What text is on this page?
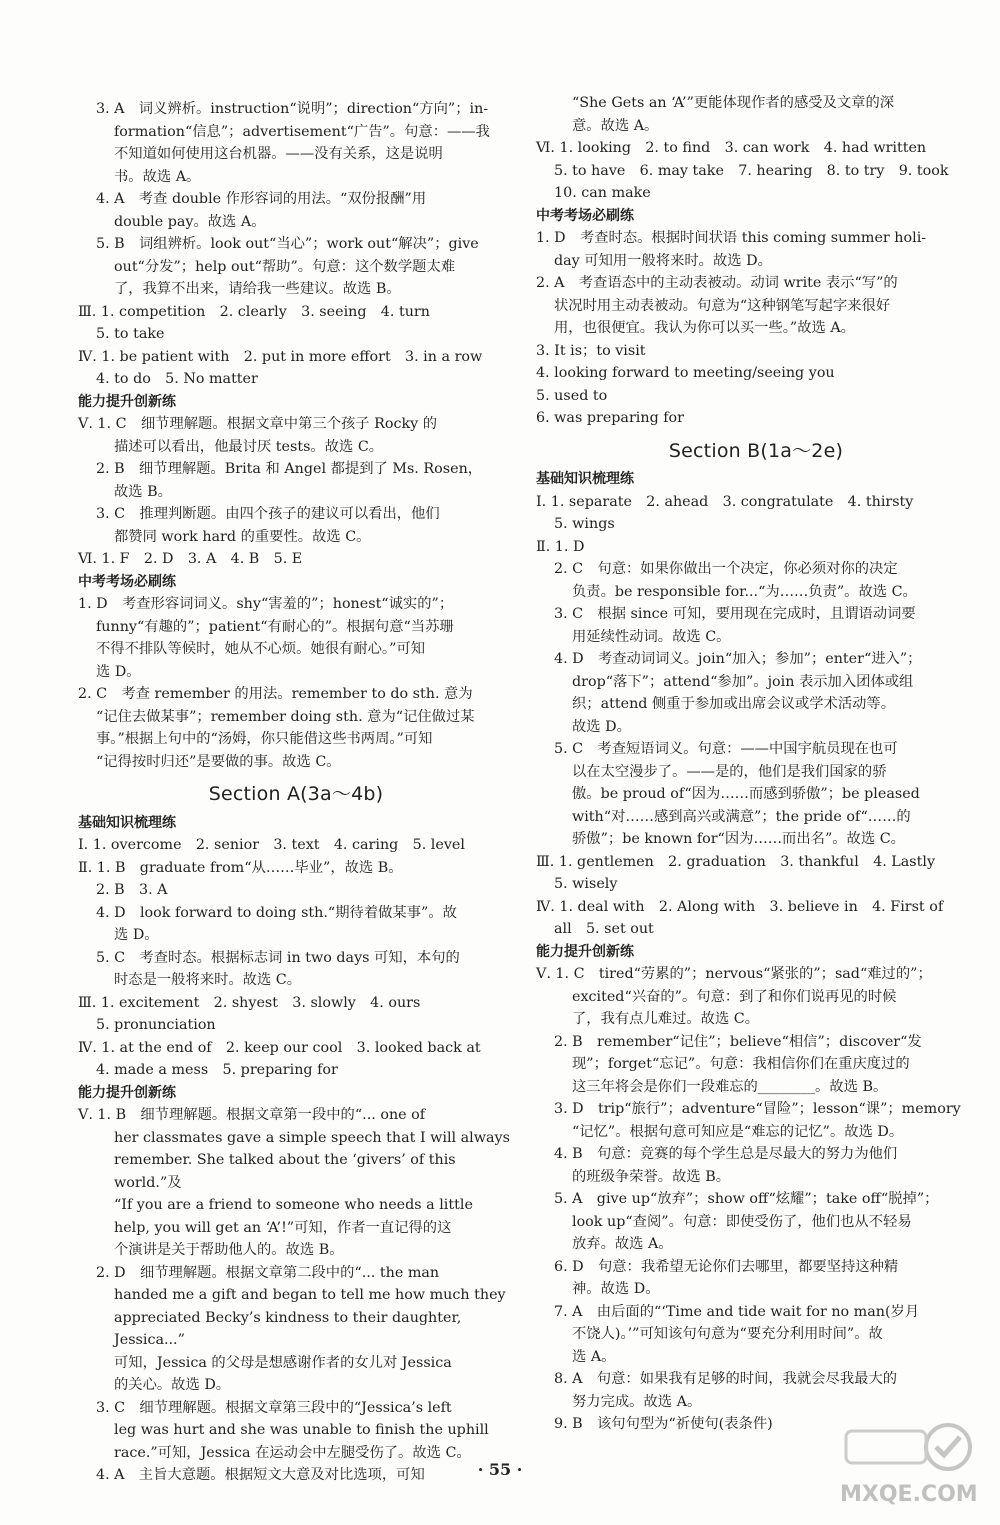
3. A　词义辨析。instruction“说明”；direction“方向”；in-
formation“信息”；advertisement“广告”。句意：——我
不知道如何使用这台机器。——没有关系，这是说明
书。故选 A。
4. A　考查 double 作形容词的用法。“双份报酬”用
double pay。故选 A。
5. B　词组辨析。look out“当心”；work out“解决”；give
out“分发”；help out“帮助”。句意：这个数学题太难
了，我算不出来，请给我一些建议。故选 B。
Ⅲ. 1. competition　2. clearly　3. seeing　4. turn
5. to take
Ⅳ. 1. be patient with　2. put in more effort　3. in a row
4. to do　5. No matter
能力提升创新练
Ⅴ. 1. C　细节理解题。根据文章中第三个孩子 Rocky 的
描述可以看出，他最讨厌 tests。故选 C。
2. B　细节理解题。Brita 和 Angel 都提到了 Ms. Rosen，
故选 B。
3. C　推理判断题。由四个孩子的建议可以看出，他们
都赞同 work hard 的重要性。故选 C。
Ⅵ. 1. F　2. D　3. A　4. B　5. E
中考考场必刷练
1. D　考查形容词词义。shy“害羞的”；honest“诚实的”；
funny“有趣的”；patient“有耐心的”。根据句意“当苏珊
不得不排队等候时，她从不心烦。她很有耐心。”可知
选 D。
2. C　考查 remember 的用法。remember to do sth. 意为
“记住去做某事”；remember doing sth. 意为“记住做过某
事。”根据上句中的“汤姆，你只能借这些书两周。”可知
“记得按时归还”是要做的事。故选 C。
Section A(3a～4b)
基础知识梳理练
Ⅰ. 1. overcome　2. senior　3. text　4. caring　5. level
Ⅱ. 1. B　graduate from“从……毕业”，故选 B。
2. B　3. A
4. D　look forward to doing sth.“期待着做某事”。故
选 D。
5. C　考查时态。根据标志词 in two days 可知，本句的
时态是一般将来时。故选 C。
Ⅲ. 1. excitement　2. shyest　3. slowly　4. ours
5. pronunciation
Ⅳ. 1. at the end of　2. keep our cool　3. looked back at
4. made a mess　5. preparing for
能力提升创新练
Ⅴ. 1. B　细节理解题。根据文章第一段中的“... one of
her classmates gave a simple speech that I will always
remember. She talked about the ‘givers’ of this world.”及
“If you are a friend to someone who needs a little
help, you will get an ‘A’!”可知，作者一直记得的这
个演讲是关于帮助他人的。故选 B。
2. D　细节理解题。根据文章第二段中的“... the man
handed me a gift and began to tell me how much they
appreciated Becky’s kindness to their daughter, Jessica...”
可知，Jessica 的父母是想感谢作者的女儿对 Jessica
的关心。故选 D。
3. C　细节理解题。根据文章第三段中的“Jessica’s left
leg was hurt and she was unable to finish the uphill
race.”可知，Jessica 在运动会中左腿受伤了。故选 C。
4. A　主旨大意题。根据短文大意及对比选项，可知
“She Gets an ‘A’”更能体现作者的感受及文章的深
意。故选 A。
Ⅵ. 1. looking　2. to find　3. can work　4. had written
5. to have　6. may take　7. hearing　8. to try　9. took
10. can make
中考考场必刷练
1. D　考查时态。根据时间状语 this coming summer holi-
day 可知用一般将来时。故选 D。
2. A　考查语态中的主动表被动。动词 write 表示“写”的
状况时用主动表被动。句意为“这种钢笔写起字来很好
用，也很便宜。我认为你可以买一些。”故选 A。
3. It is；to visit
4. looking forward to meeting/seeing you
5. used to
6. was preparing for
Section B(1a～2e)
基础知识梳理练
Ⅰ. 1. separate　2. ahead　3. congratulate　4. thirsty
5. wings
Ⅱ. 1. D
2. C　句意：如果你做出一个决定，你必须对你的决定
负责。be responsible for...“为……负责”。故选 C。
3. C　根据 since 可知，要用现在完成时，且谓语动词要
用延续性动词。故选 C。
4. D　考查动词词义。join“加入；参加”；enter“进入”；
drop“落下”；attend“参加”。join 表示加入团体或组
织；attend 侧重于参加或出席会议或学术活动等。
故选 D。
5. C　考查短语词义。句意：——中国宇航员现在也可
以在太空漫步了。——是的，他们是我们国家的骄
傲。be proud of“因为……而感到骄傲”；be pleased
with“对……感到高兴或满意”；the pride of“……的
骄傲”；be known for“因为……而出名”。故选 C。
Ⅲ. 1. gentlemen　2. graduation　3. thankful　4. Lastly
5. wisely
Ⅳ. 1. deal with　2. Along with　3. believe in　4. First of
all　5. set out
能力提升创新练
Ⅴ. 1. C　tired“劳累的”；nervous“紧张的”；sad“难过的”；
excited“兴奋的”。句意：到了和你们说再见的时候
了，我有点儿难过。故选 C。
2. B　remember“记住”；believe“相信”；discover“发
现”；forget“忘记”。句意：我相信你们在重庆度过的
这三年将会是你们一段难忘的________。故选 B。
3. D　trip“旅行”；adventure“冒险”；lesson“课”；memory
“记忆”。根据句意可知应是“难忘的记忆”。故选 D。
4. B　句意：竞赛的每个学生总是尽最大的努力为他们
的班级争荣誉。故选 B。
5. A　give up“放弃”；show off“炫耀”；take off“脱掉”；
look up“查阅”。句意：即使受伤了，他们也从不轻易
放弃。故选 A。
6. D　句意：我希望无论你们去哪里，都要坚持这种精
神。故选 D。
7. A　由后面的“‘Time and tide wait for no man(岁月
不饶人)。’”可知该句句意为“要充分利用时间”。故
选 A。
8. A　句意：如果我有足够的时间，我就会尽我最大的
努力完成。故选 A。
9. B　该句句型为“祈使句(表条件)
· 55 ·
MXQE.COM
